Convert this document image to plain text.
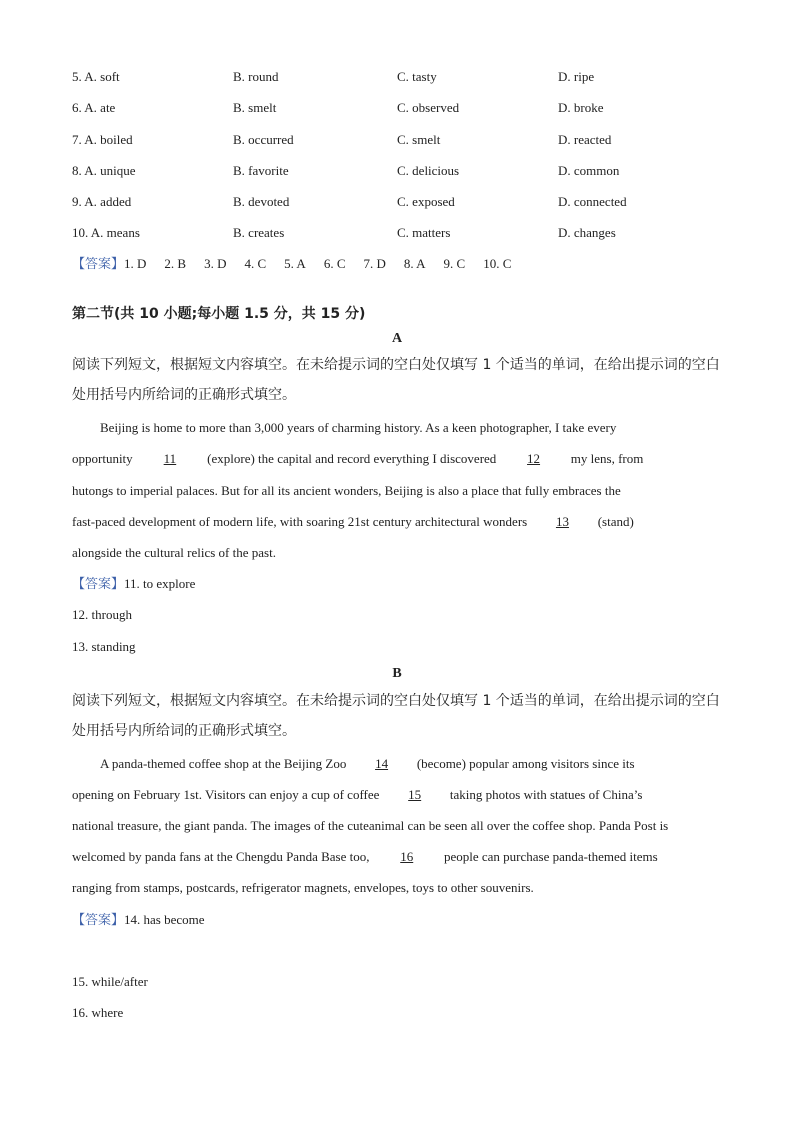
5. A. soft	B. round	C. tasty	D. ripe
6. A. ate	B. smelt	C. observed	D. broke
7. A. boiled	B. occurred	C. smelt	D. reacted
8. A. unique	B. favorite	C. delicious	D. common
9. A. added	B. devoted	C. exposed	D. connected
10. A. means	B. creates	C. matters	D. changes
【答案】1. D 2. B 3. D 4. C 5. A 6. C 7. D 8. A 9. C 10. C
第二节(共 10 小题;每小题 1.5 分，共 15 分)
A
阅读下列短文，根据短文内容填空。在未给提示词的空白处仅填写 1 个适当的单词，在给出提示词的空白
处用括号内所给词的正确形式填空。
Beijing is home to more than 3,000 years of charming history. As a keen photographer, I take every
opportunity 11 (explore) the capital and record everything I discovered 12 my lens, from
hutongs to imperial palaces. But for all its ancient wonders, Beijing is also a place that fully embraces the
fast-paced development of modern life, with soaring 21st century architectural wonders 13 (stand)
alongside the cultural relics of the past.
【答案】11. to explore
12. through
13. standing
B
阅读下列短文，根据短文内容填空。在未给提示词的空白处仅填写 1 个适当的单词，在给出提示词的空白
处用括号内所给词的正确形式填空。
A panda-themed coffee shop at the Beijing Zoo 14 (become) popular among visitors since its
opening on February 1st. Visitors can enjoy a cup of coffee 15 taking photos with statues of China’s
national treasure, the giant panda. The images of the cuteanimal can be seen all over the coffee shop. Panda Post is
welcomed by panda fans at the Chengdu Panda Base too, 16 people can purchase panda-themed items
ranging from stamps, postcards, refrigerator magnets, envelopes, toys to other souvenirs.
【答案】14. has become
15. while/after
16. where
